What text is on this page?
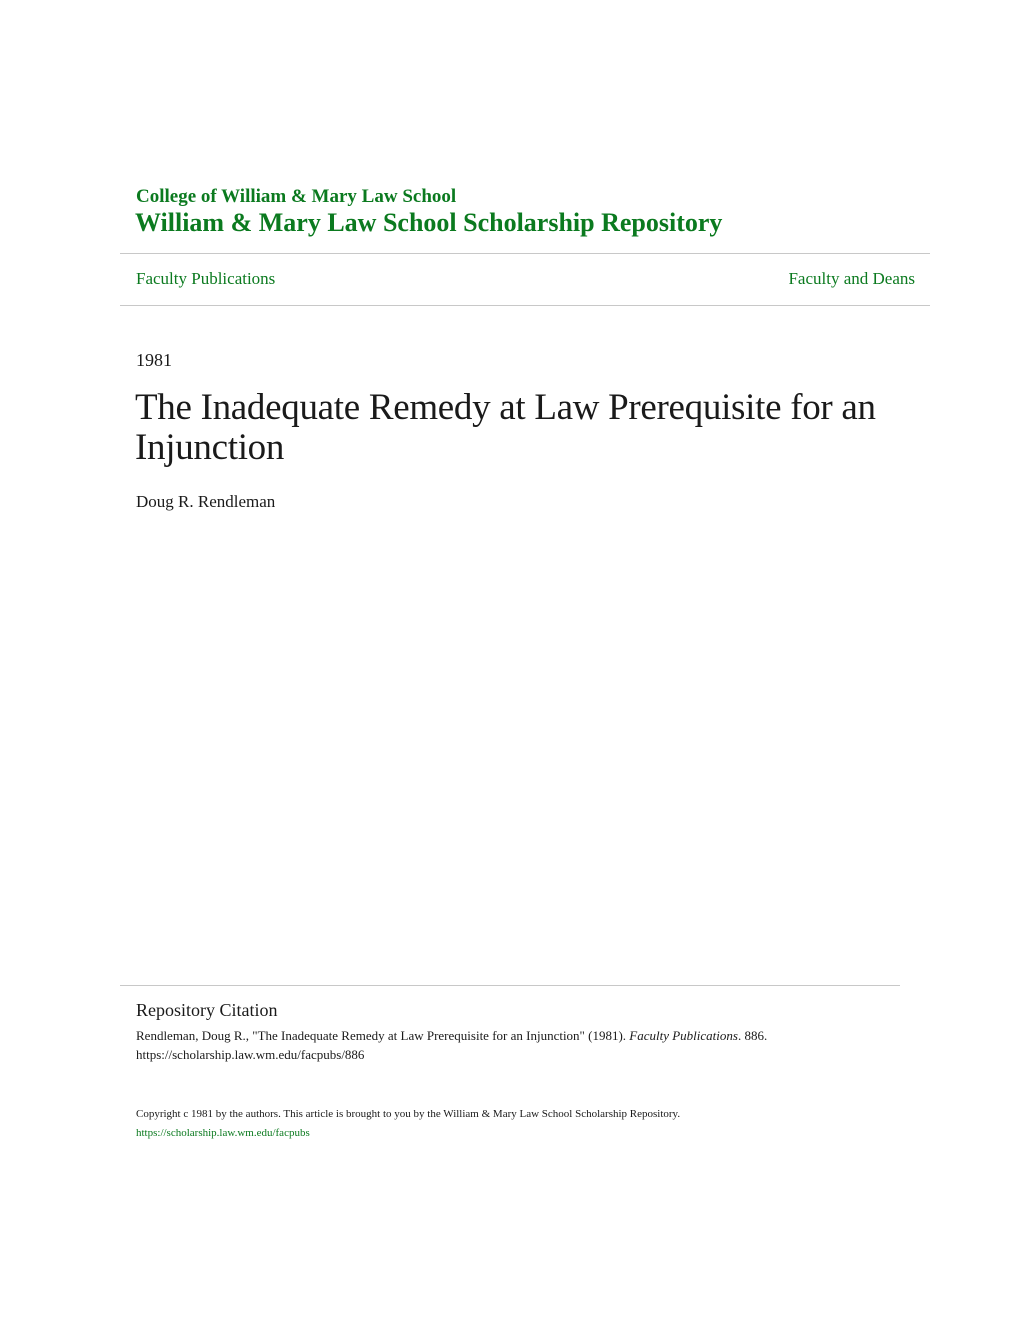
College of William & Mary Law School
William & Mary Law School Scholarship Repository
Faculty Publications	Faculty and Deans
1981
The Inadequate Remedy at Law Prerequisite for an Injunction
Doug R. Rendleman
Repository Citation
Rendleman, Doug R., "The Inadequate Remedy at Law Prerequisite for an Injunction" (1981). Faculty Publications. 886.
https://scholarship.law.wm.edu/facpubs/886
Copyright c 1981 by the authors. This article is brought to you by the William & Mary Law School Scholarship Repository.
https://scholarship.law.wm.edu/facpubs
